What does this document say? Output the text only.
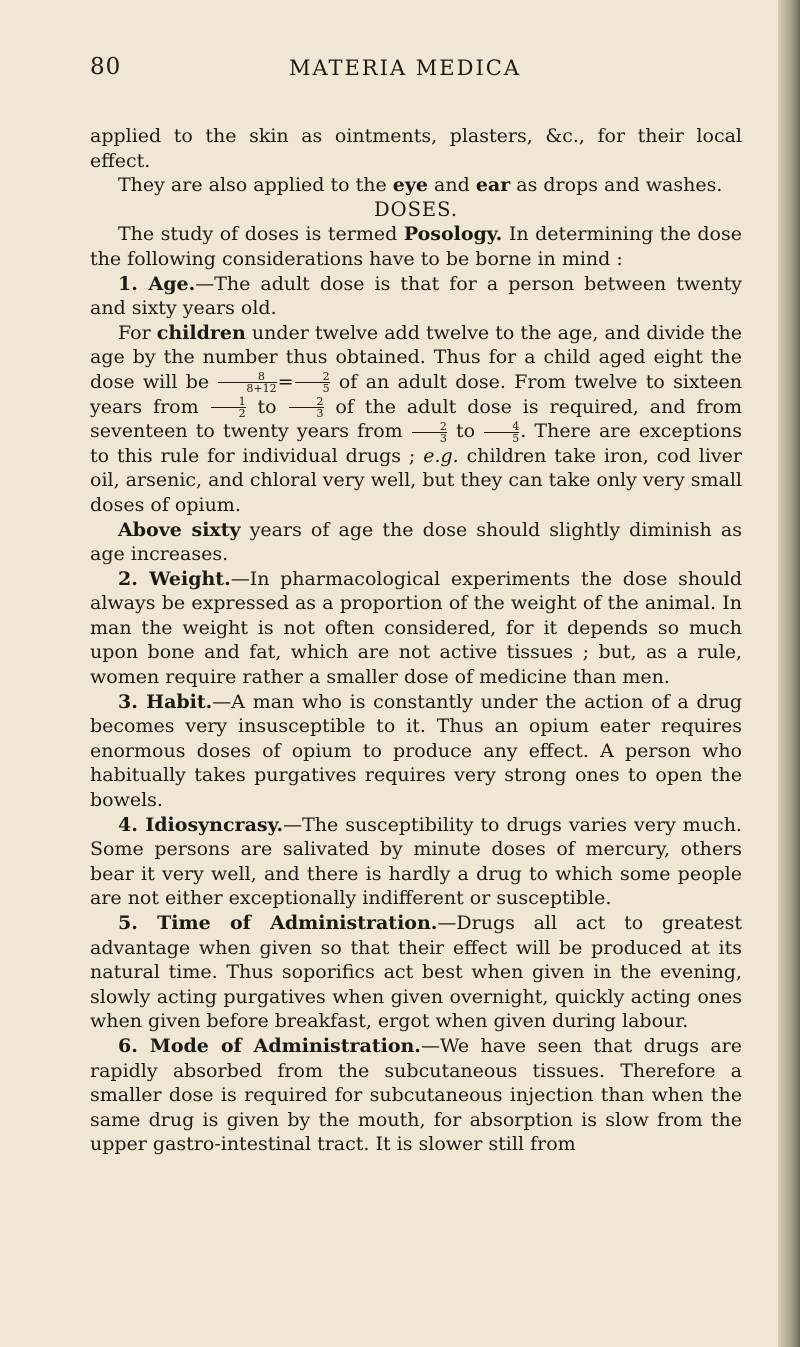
80	MATERIA MEDICA

applied to the skin as ointments, plasters, &c., for their local effect.

They are also applied to the eye and ear as drops and washes.

DOSES.

The study of doses is termed Posology. In determining the dose the following considerations have to be borne in mind :

1. Age.—The adult dose is that for a person between twenty and sixty years old.

For children under twelve add twelve to the age, and divide the age by the number thus obtained. Thus for a child aged eight the dose will be $\frac{8}{8+12} = \frac{2}{5}$ of an adult dose. From twelve to sixteen years from $\frac{1}{2}$ to $\frac{2}{3}$ of the adult dose is required, and from seventeen to twenty years from $\frac{2}{3}$ to $\frac{4}{5}$ . There are exceptions to this rule for individual drugs ; e.g. children take iron, cod liver oil, arsenic, and chloral very well, but they can take only very small doses of opium.

Above sixty years of age the dose should slightly diminish as age increases.

2. Weight.—In pharmacological experiments the dose should always be expressed as a proportion of the weight of the animal. In man the weight is not often considered, for it depends so much upon bone and fat, which are not active tissues ; but, as a rule, women require rather a smaller dose of medicine than men.

3. Habit.—A man who is constantly under the action of a drug becomes very insusceptible to it. Thus an opium eater requires enormous doses of opium to produce any effect. A person who habitually takes purgatives requires very strong ones to open the bowels.

4. Idiosyncrasy.—The susceptibility to drugs varies very much. Some persons are salivated by minute doses of mercury, others bear it very well, and there is hardly a drug to which some people are not either exceptionally indifferent or susceptible.

5. Time of Administration.—Drugs all act to greatest advantage when given so that their effect will be produced at its natural time. Thus soporifics act best when given in the evening, slowly acting purgatives when given overnight, quickly acting ones when given before breakfast, ergot when given during labour.

6. Mode of Administration.—We have seen that drugs are rapidly absorbed from the subcutaneous tissues. Therefore a smaller dose is required for subcutaneous injection than when the same drug is given by the mouth, for absorption is slow from the upper gastro-intestinal tract. It is slower still from
